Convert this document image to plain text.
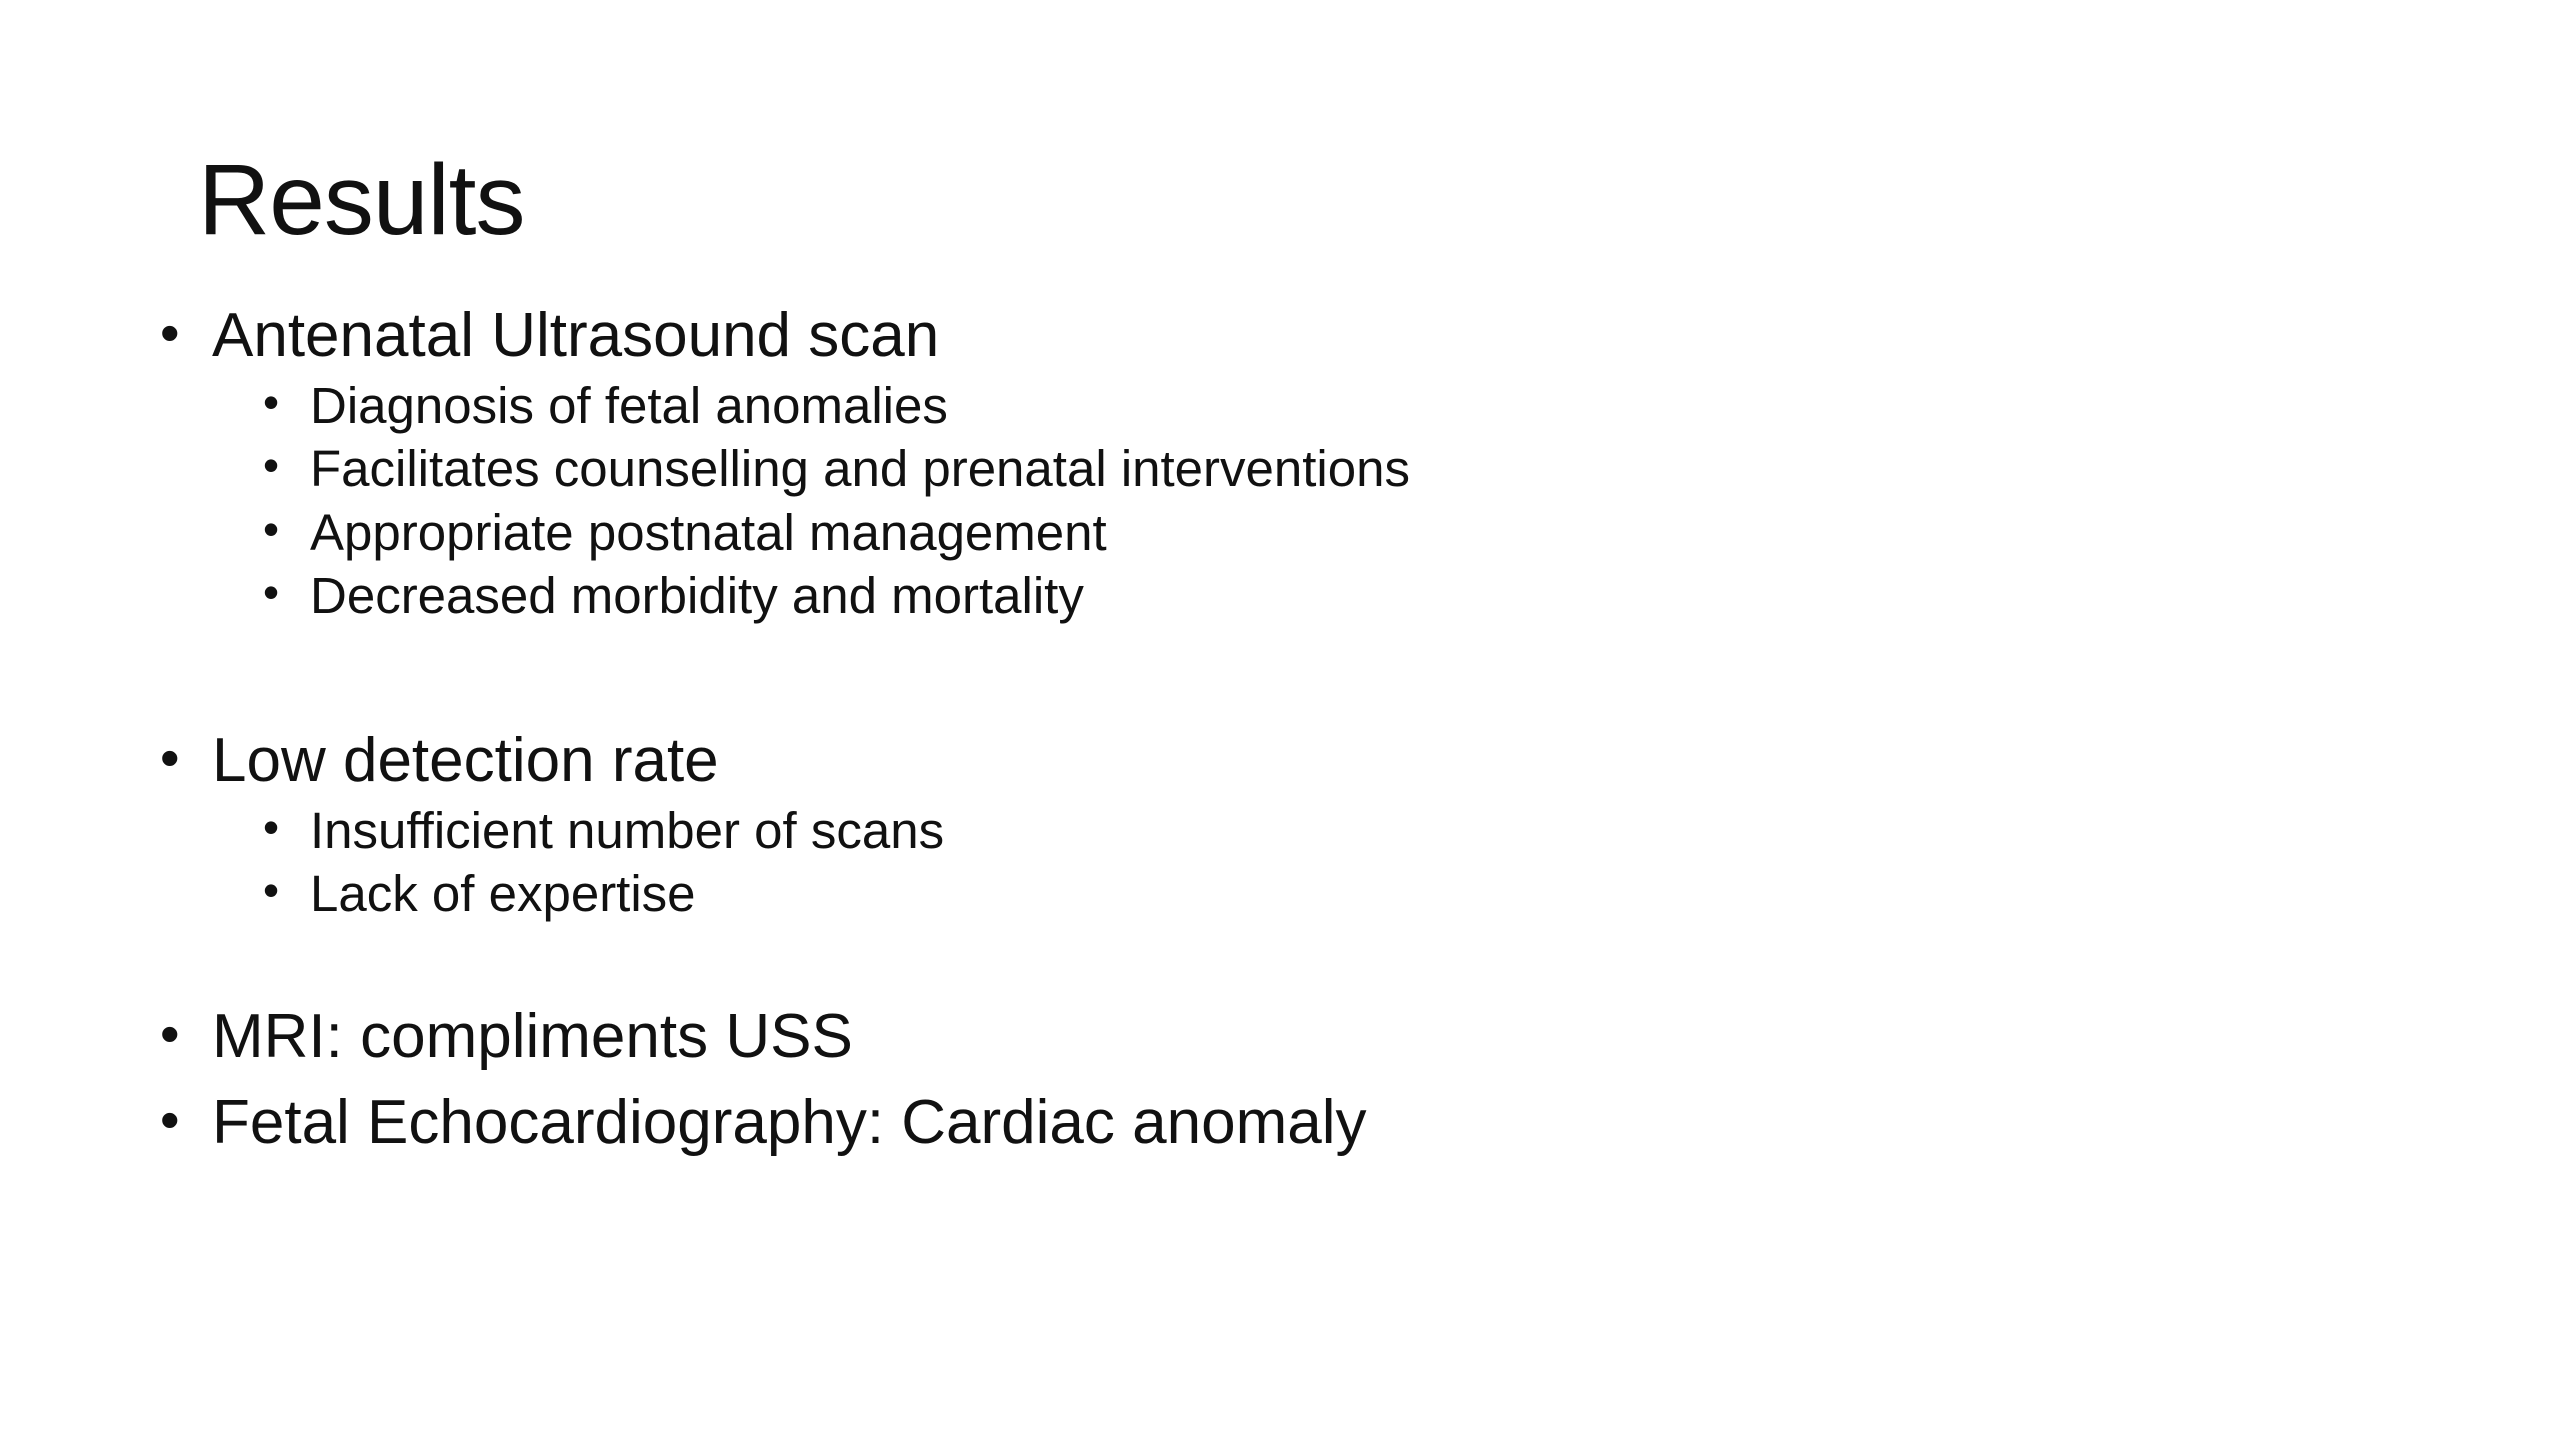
Results
• Antenatal Ultrasound scan
• Diagnosis of fetal anomalies
• Facilitates counselling and prenatal interventions
• Appropriate postnatal management
• Decreased morbidity and mortality
• Low detection rate
• Insufficient number of scans
• Lack of expertise
• MRI: compliments USS
• Fetal Echocardiography: Cardiac anomaly
